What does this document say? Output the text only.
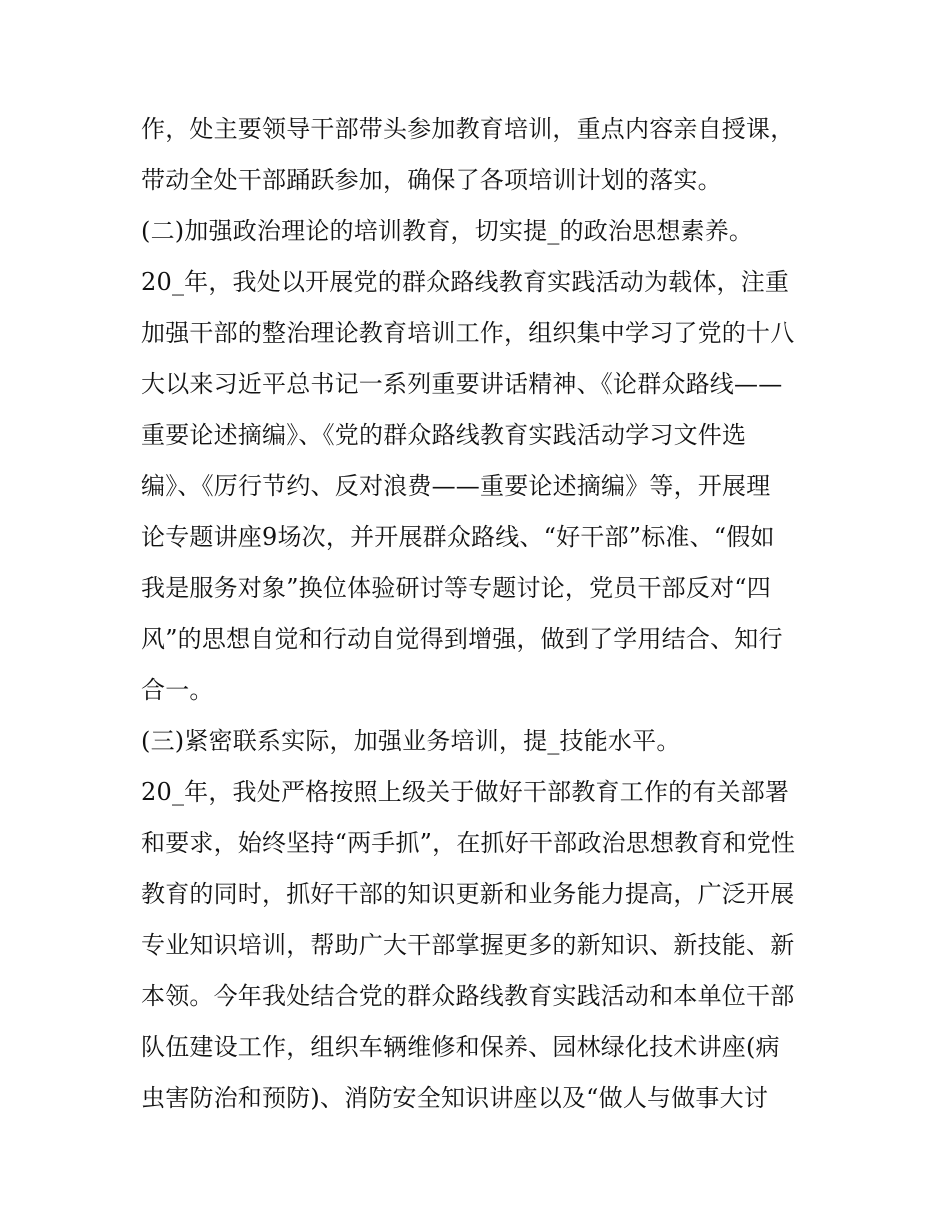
作，处主要领导干部带头参加教育培训，重点内容亲自授课，
带动全处干部踊跃参加，确保了各项培训计划的落实。
(二)加强政治理论的培训教育，切实提_的政治思想素养。
20_年，我处以开展党的群众路线教育实践活动为载体，注重
加强干部的整治理论教育培训工作，组织集中学习了党的十八
大以来习近平总书记一系列重要讲话精神、《论群众路线——
重要论述摘编》、《党的群众路线教育实践活动学习文件选
编》、《厉行节约、反对浪费——重要论述摘编》等，开展理
论专题讲座9场次，并开展群众路线、“好干部”标准、“假如
我是服务对象”换位体验研讨等专题讨论，党员干部反对“四
风”的思想自觉和行动自觉得到增强，做到了学用结合、知行
合一。
(三)紧密联系实际，加强业务培训，提_技能水平。
20_年，我处严格按照上级关于做好干部教育工作的有关部署
和要求，始终坚持“两手抓”，在抓好干部政治思想教育和党性
教育的同时，抓好干部的知识更新和业务能力提高，广泛开展
专业知识培训，帮助广大干部掌握更多的新知识、新技能、新
本领。今年我处结合党的群众路线教育实践活动和本单位干部
队伍建设工作，组织车辆维修和保养、园林绿化技术讲座(病
虫害防治和预防)、消防安全知识讲座以及“做人与做事大讨
